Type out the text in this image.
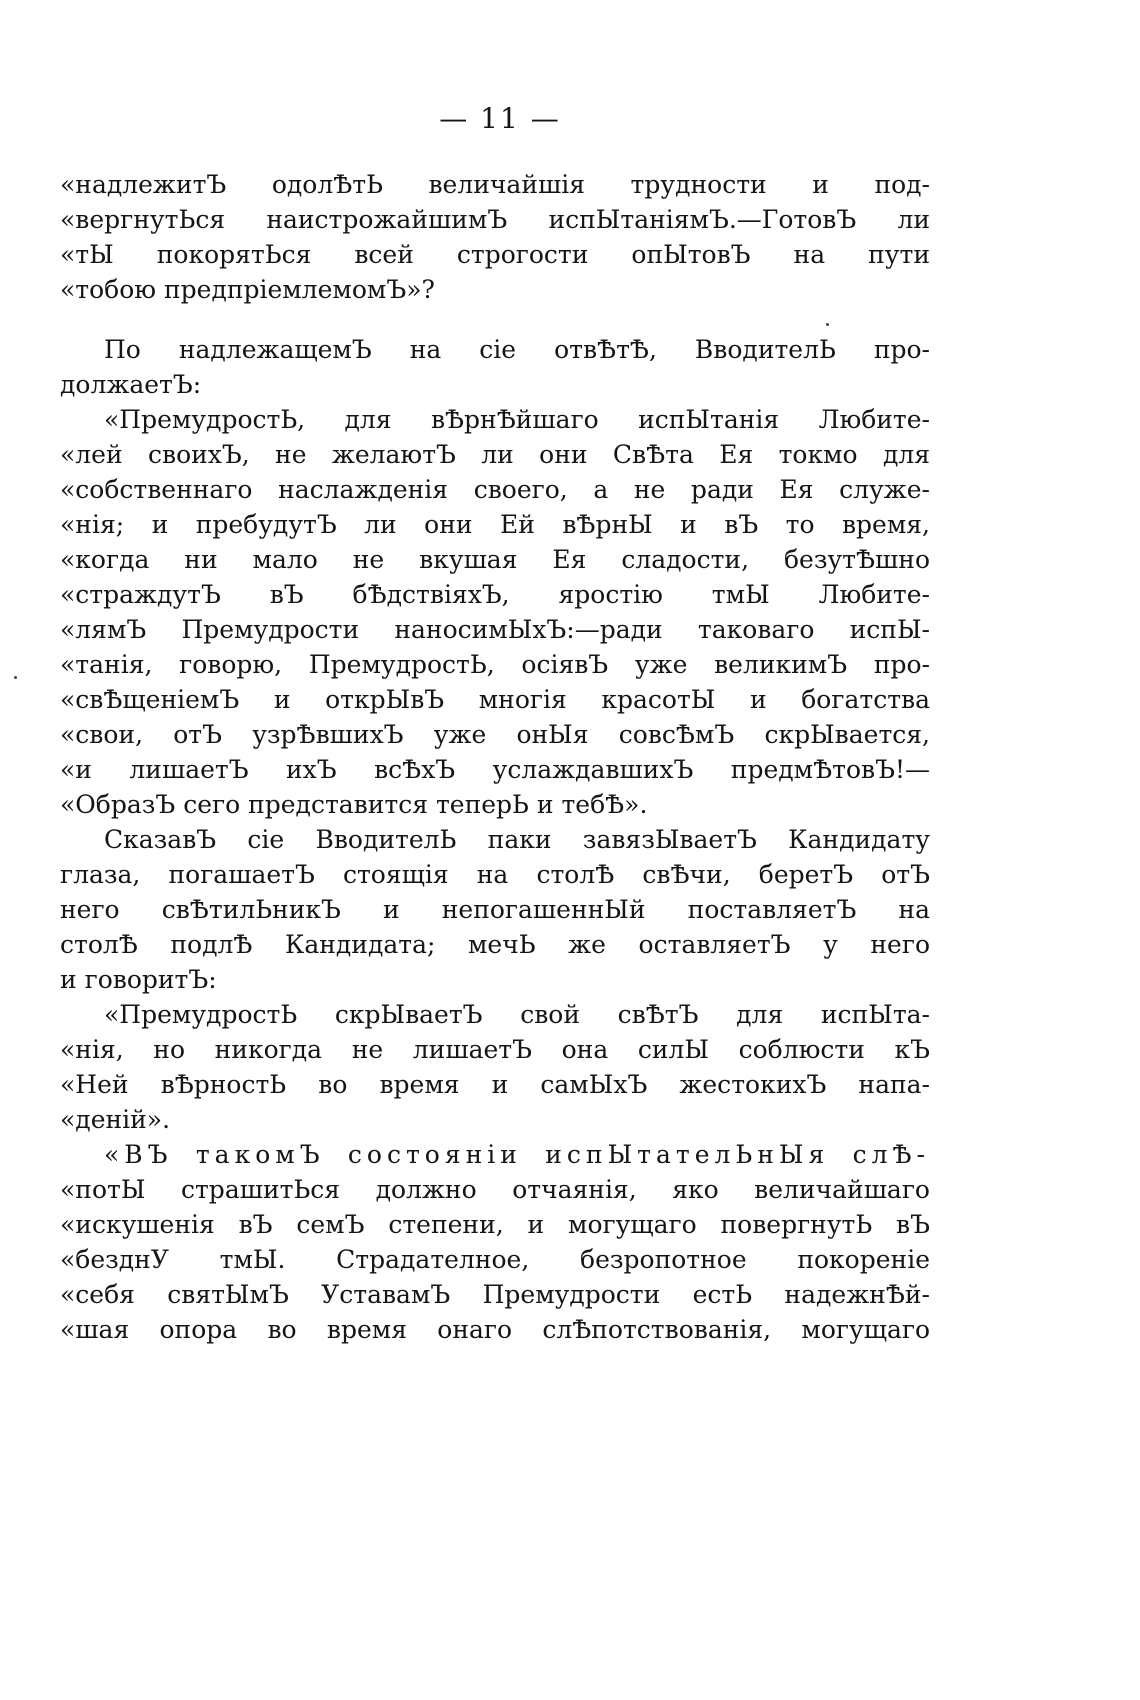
— 11 —
«надлежитЪ одолѢтЬ величайшія трудности и под-
«вергнутЬся наистрожайшимЪ испЫтаніямЪ.—ГотовЪ ли
«тЫ покорятЬся всей строгости опЫтовЪ на пути
«тобою предпріемлемомЪ»?
По надлежащемЪ на сіе отвѢтѢ, ВводителЬ про-
должаетЪ:
«ПремудростЬ, для вѢрнѢйшаго испЫтанія Любите-
«лей своихЪ, не желаютЪ ли они СвѢта Ея токмо для
«собственнаго наслажденія своего, а не ради Ея служе-
«нія; и пребудутЪ ли они Ей вѢрнЫ и вЪ то время,
«когда ни мало не вкушая Ея сладости, безутѢшно
«страждутЪ вЪ бѢдствіяхЪ, яростію тмЫ Любите-
«лямЪ Премудрости наносимЫхЪ:—ради таковаго испЫ-
«танія, говорю, ПремудростЬ, осіявЪ уже великимЪ про-
«свѢщеніемЪ и открЫвЪ многія красотЫ и богатства
«свои, отЪ узрѢвшихЪ уже онЫя совсѢмЪ скрЫвается,
«и лишаетЪ ихЪ всѢхЪ услаждавшихЪ предмѢтовЪ!—
«ОбразЪ сего представится теперЬ и тебѢ».
СказавЪ сіе ВводителЬ паки завязЫваетЪ Кандидату
глаза, погашаетЪ стоящія на столѢ свѢчи, беретЪ отЪ
него свѢтилЬникЪ и непогашеннЫй поставляетЪ на
столѢ подлѢ Кандидата; мечЬ же оставляетЪ у него
и говоритЪ:
«ПремудростЬ скрЫваетЪ свой свѢтЪ для испЫта-
«нія, но никогда не лишаетЪ она силЫ соблюсти кЪ
«Ней вѢрностЬ во время и самЫхЪ жестокихЪ напа-
«деній».
«ВЪ такомЪ состояніи испЫтателЬнЫя слѢ-
«потЫ страшитЬся должно отчаянія, яко величайшаго
«искушенія вЪ семЪ степени, и могущаго повергнутЬ вЪ
«безднУ тмЫ. Страдателное, безропотное покореніе
«себя святЫмЪ УставамЪ Премудрости естЬ надежнѢй-
«шая опора во время онаго слѢпотствованія, могущаго
